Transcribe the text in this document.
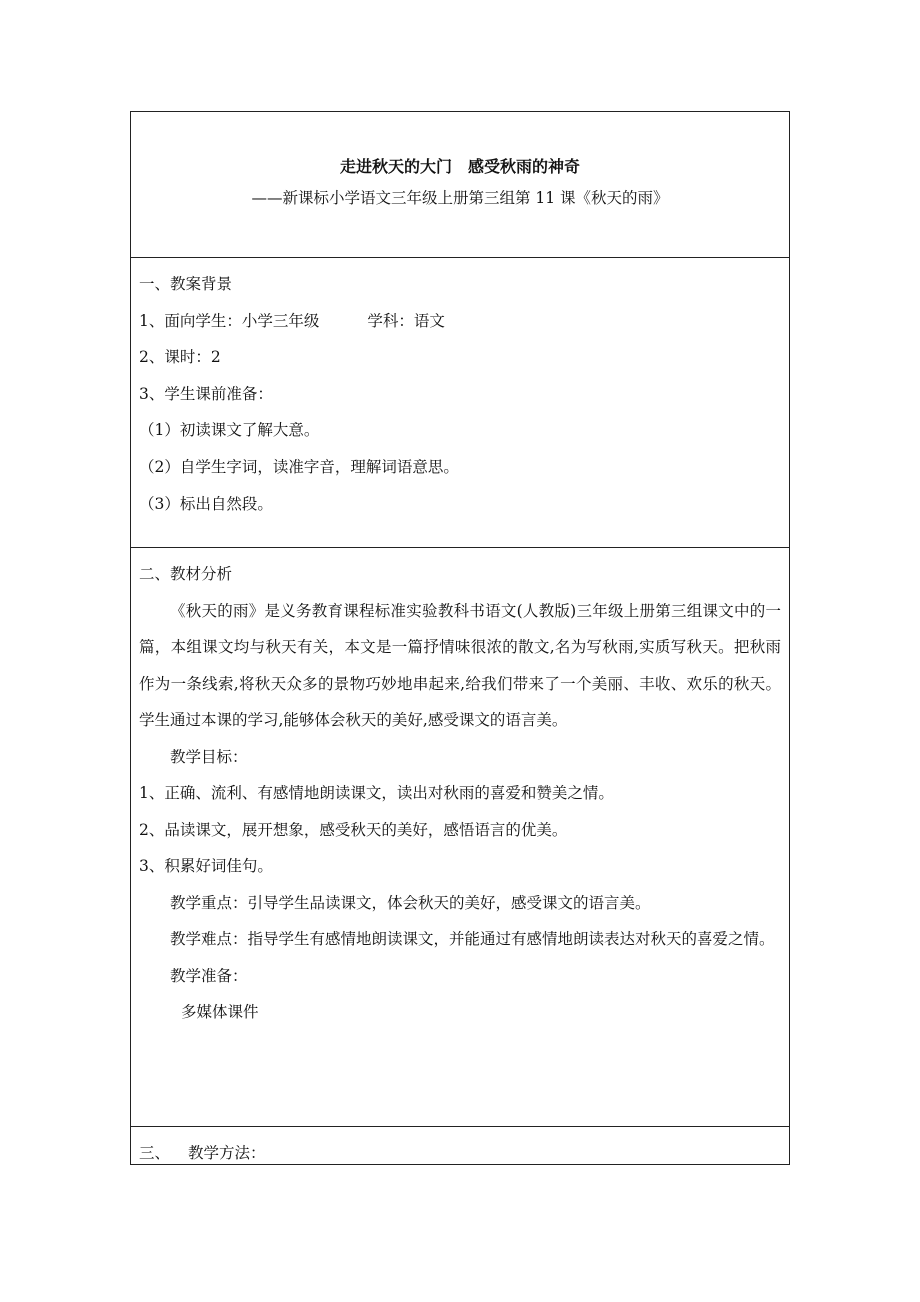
走进秋天的大门　感受秋雨的神奇
——新课标小学语文三年级上册第三组第 11 课《秋天的雨》
一、教案背景
1、面向学生：小学三年级	学科：语文
2、课时：2
3、学生课前准备：
（1）初读课文了解大意。
（2）自学生字词，读准字音，理解词语意思。
（3）标出自然段。
二、教材分析
《秋天的雨》是义务教育课程标准实验教科书语文(人教版)三年级上册第三组课文中的一篇，本组课文均与秋天有关，本文是一篇抒情味很浓的散文,名为写秋雨,实质写秋天。把秋雨作为一条线索,将秋天众多的景物巧妙地串起来,给我们带来了一个美丽、丰收、欢乐的秋天。学生通过本课的学习,能够体会秋天的美好,感受课文的语言美。
教学目标：
1、正确、流利、有感情地朗读课文，读出对秋雨的喜爱和赞美之情。
2、品读课文，展开想象，感受秋天的美好，感悟语言的优美。
3、积累好词佳句。
教学重点：引导学生品读课文，体会秋天的美好，感受课文的语言美。
教学难点：指导学生有感情地朗读课文，并能通过有感情地朗读表达对秋天的喜爱之情。
教学准备：
多媒体课件
三、 教学方法：
